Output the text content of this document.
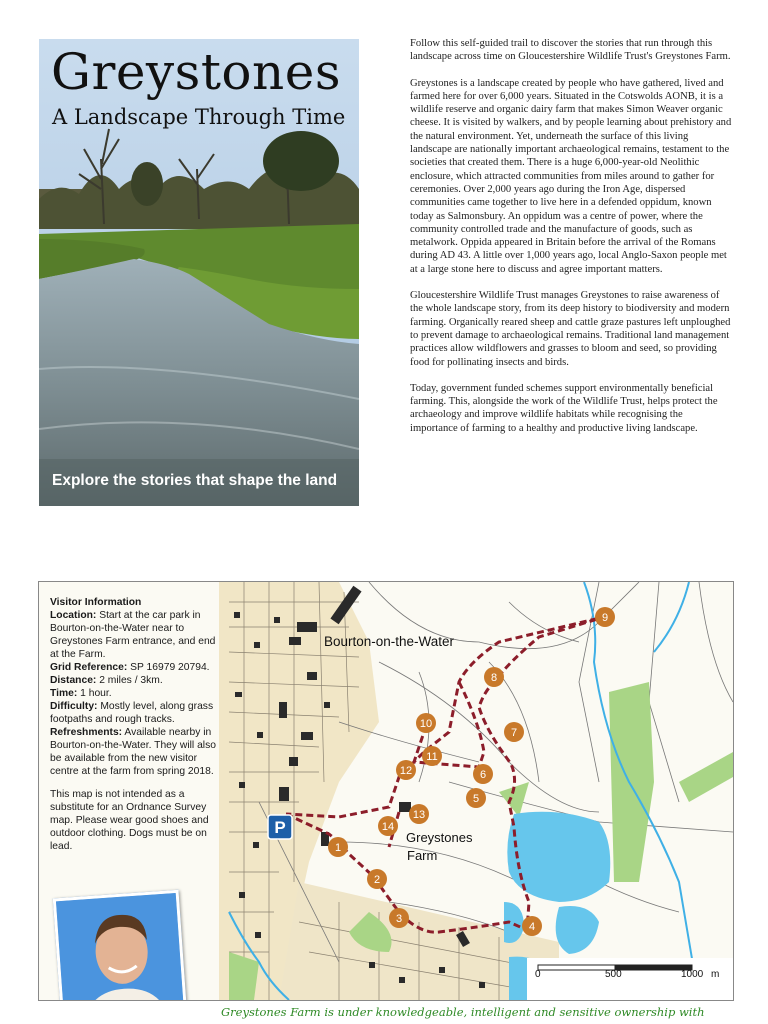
Greystones
A Landscape Through Time
Explore the stories that shape the land

Follow this self-guided trail to discover the stories that run through this landscape across time on Gloucestershire Wildlife Trust's Greystones Farm.

Greystones is a landscape created by people who have gathered, lived and farmed here for over 6,000 years. Situated in the Cotswolds AONB, it is a wildlife reserve and organic dairy farm that makes Simon Weaver organic cheese. It is visited by walkers, and by people learning about prehistory and the natural environment. Yet, underneath the surface of this living landscape are nationally important archaeological remains, testament to the societies that created them. There is a huge 6,000-year-old Neolithic enclosure, which attracted communities from miles around to gather for ceremonies. Over 2,000 years ago during the Iron Age, dispersed communities came together to live here in a defended oppidum, known today as Salmonsbury. An oppidum was a centre of power, where the community controlled trade and the manufacture of goods, such as metalwork. Oppida appeared in Britain before the arrival of the Romans during AD 43. A little over 1,000 years ago, local Anglo-Saxon people met at a large stone here to discuss and agree important matters.

Gloucestershire Wildlife Trust manages Greystones to raise awareness of the whole landscape story, from its deep history to biodiversity and modern farming. Organically reared sheep and cattle graze pastures left unploughed to prevent damage to archaeological remains. Traditional land management practices allow wildflowers and grasses to bloom and seed, so providing food for pollinating insects and birds.

Today, government funded schemes support environmentally beneficial farming. This, alongside the work of the Wildlife Trust, helps protect the archaeology and improve wildlife habitats while recognising the importance of farming to a healthy and productive living landscape.

1
2
3
4
5
6
7
8
9
10
11
12
13
14
P
Bourton-on-the-Water
Greystones
Farm
0	500	1000 m

Visitor Information

Location: Start at the car park in Bourton-on-the-Water near to Greystones Farm entrance, and end at the Farm.

Grid Reference: SP 16979 20794.

Distance: 2 miles / 3km.

Time: 1 hour.

Difficulty: Mostly level, along grass footpaths and rough tracks.

Refreshments: Available nearby in Bourton-on-the-Water. They will also be available from the new visitor centre at the farm from spring 2018.

This map is not intended as a substitute for an Ordnance Survey map. Please wear good shoes and outdoor clothing. Dogs must be on lead.

Greystones Farm is under knowledgeable, intelligent and sensitive ownership with
